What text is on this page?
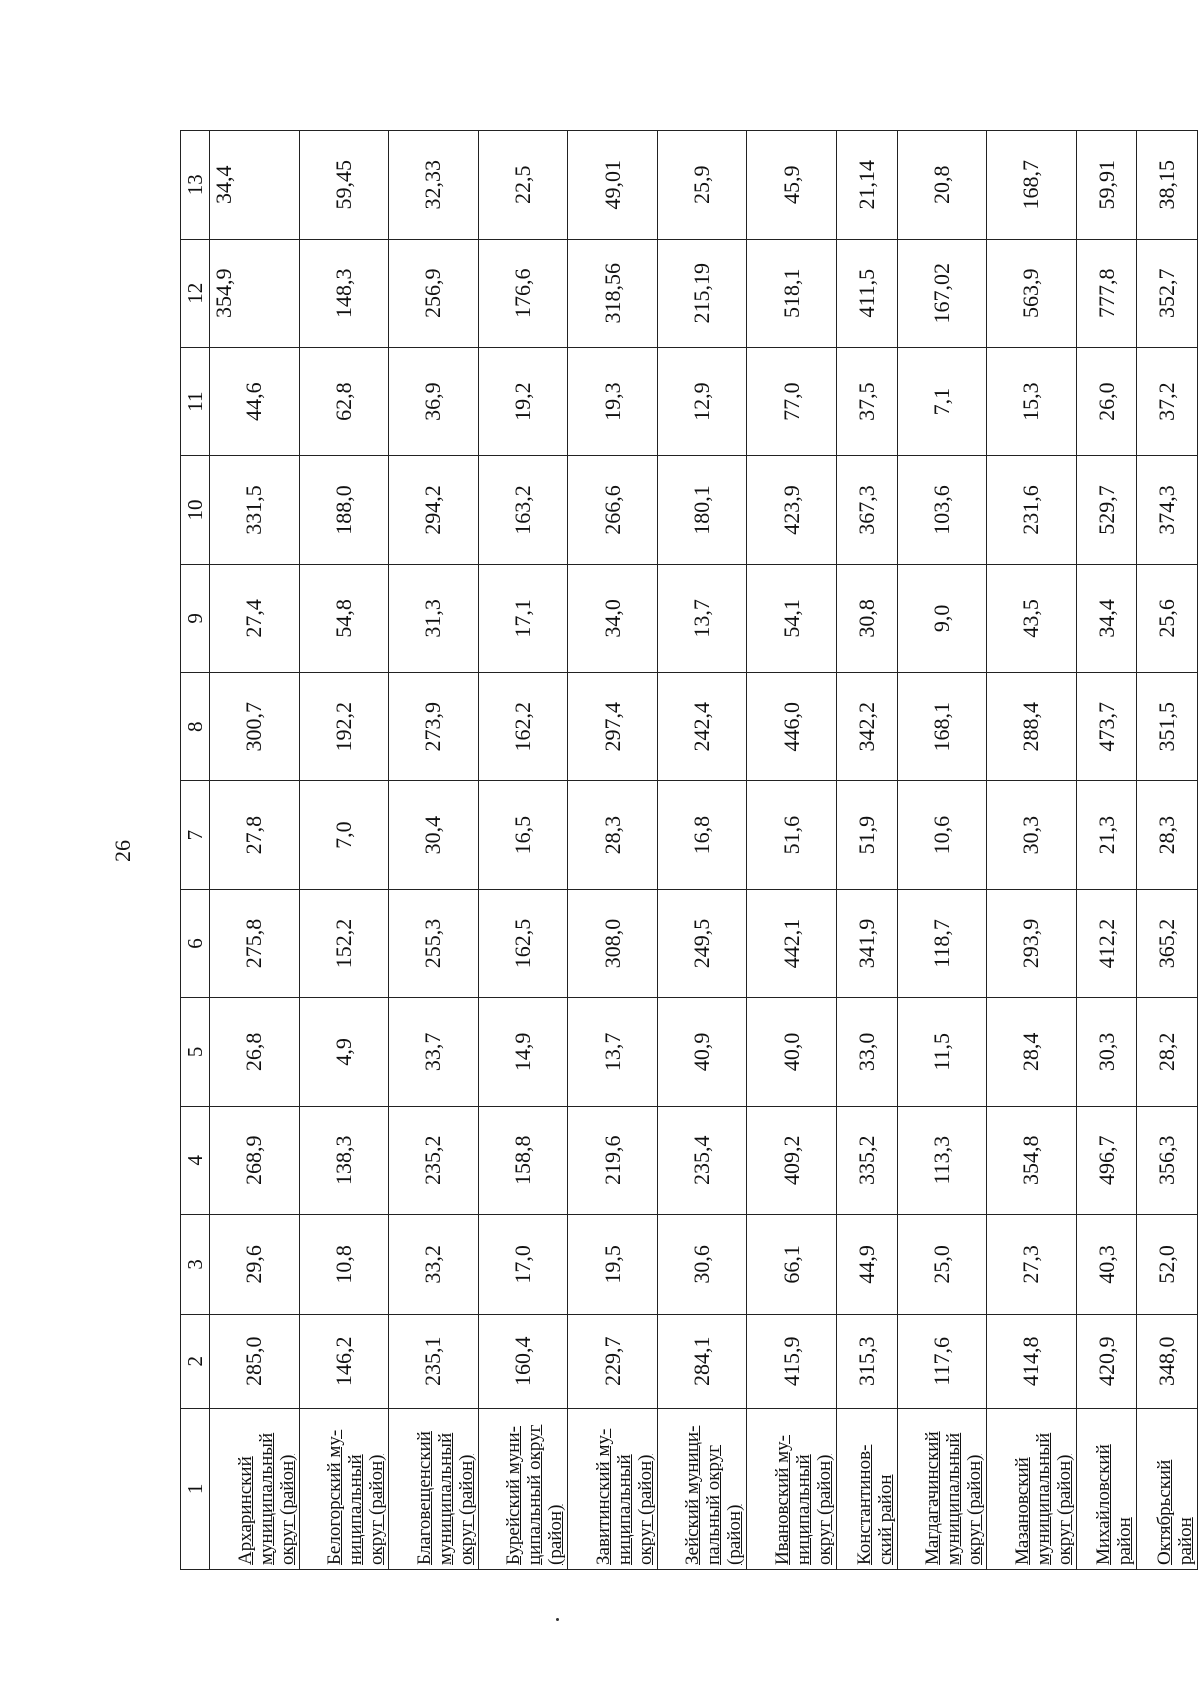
26
1	2	3	4	5	6	7	8	9	10	11	12	13
Архаринский муниципальный округ (район)	285,0	29,6	268,9	26,8	275,8	27,8	300,7	27,4	331,5	44,6	354,9	34,4
Белогорский му-ниципальный округ (район)	146,2	10,8	138,3	4,9	152,2	7,0	192,2	54,8	188,0	62,8	148,3	59,45
Благовещенский муниципальный округ (район)	235,1	33,2	235,2	33,7	255,3	30,4	273,9	31,3	294,2	36,9	256,9	32,33
Бурейский муни-ципальный округ (район)	160,4	17,0	158,8	14,9	162,5	16,5	162,2	17,1	163,2	19,2	176,6	22,5
Завитинский му-ниципальный округ (район)	229,7	19,5	219,6	13,7	308,0	28,3	297,4	34,0	266,6	19,3	318,56	49,01
Зейский муници-пальный округ (район)	284,1	30,6	235,4	40,9	249,5	16,8	242,4	13,7	180,1	12,9	215,19	25,9
Ивановский му-ниципальный округ (район)	415,9	66,1	409,2	40,0	442,1	51,6	446,0	54,1	423,9	77,0	518,1	45,9
Константинов-ский район	315,3	44,9	335,2	33,0	341,9	51,9	342,2	30,8	367,3	37,5	411,5	21,14
Магдагачинский муниципальный округ (район)	117,6	25,0	113,3	11,5	118,7	10,6	168,1	9,0	103,6	7,1	167,02	20,8
Мазановский муниципальный округ (район)	414,8	27,3	354,8	28,4	293,9	30,3	288,4	43,5	231,6	15,3	563,9	168,7
Михайловский район	420,9	40,3	496,7	30,3	412,2	21,3	473,7	34,4	529,7	26,0	777,8	59,91
Октябрьский район	348,0	52,0	356,3	28,2	365,2	28,3	351,5	25,6	374,3	37,2	352,7	38,15
